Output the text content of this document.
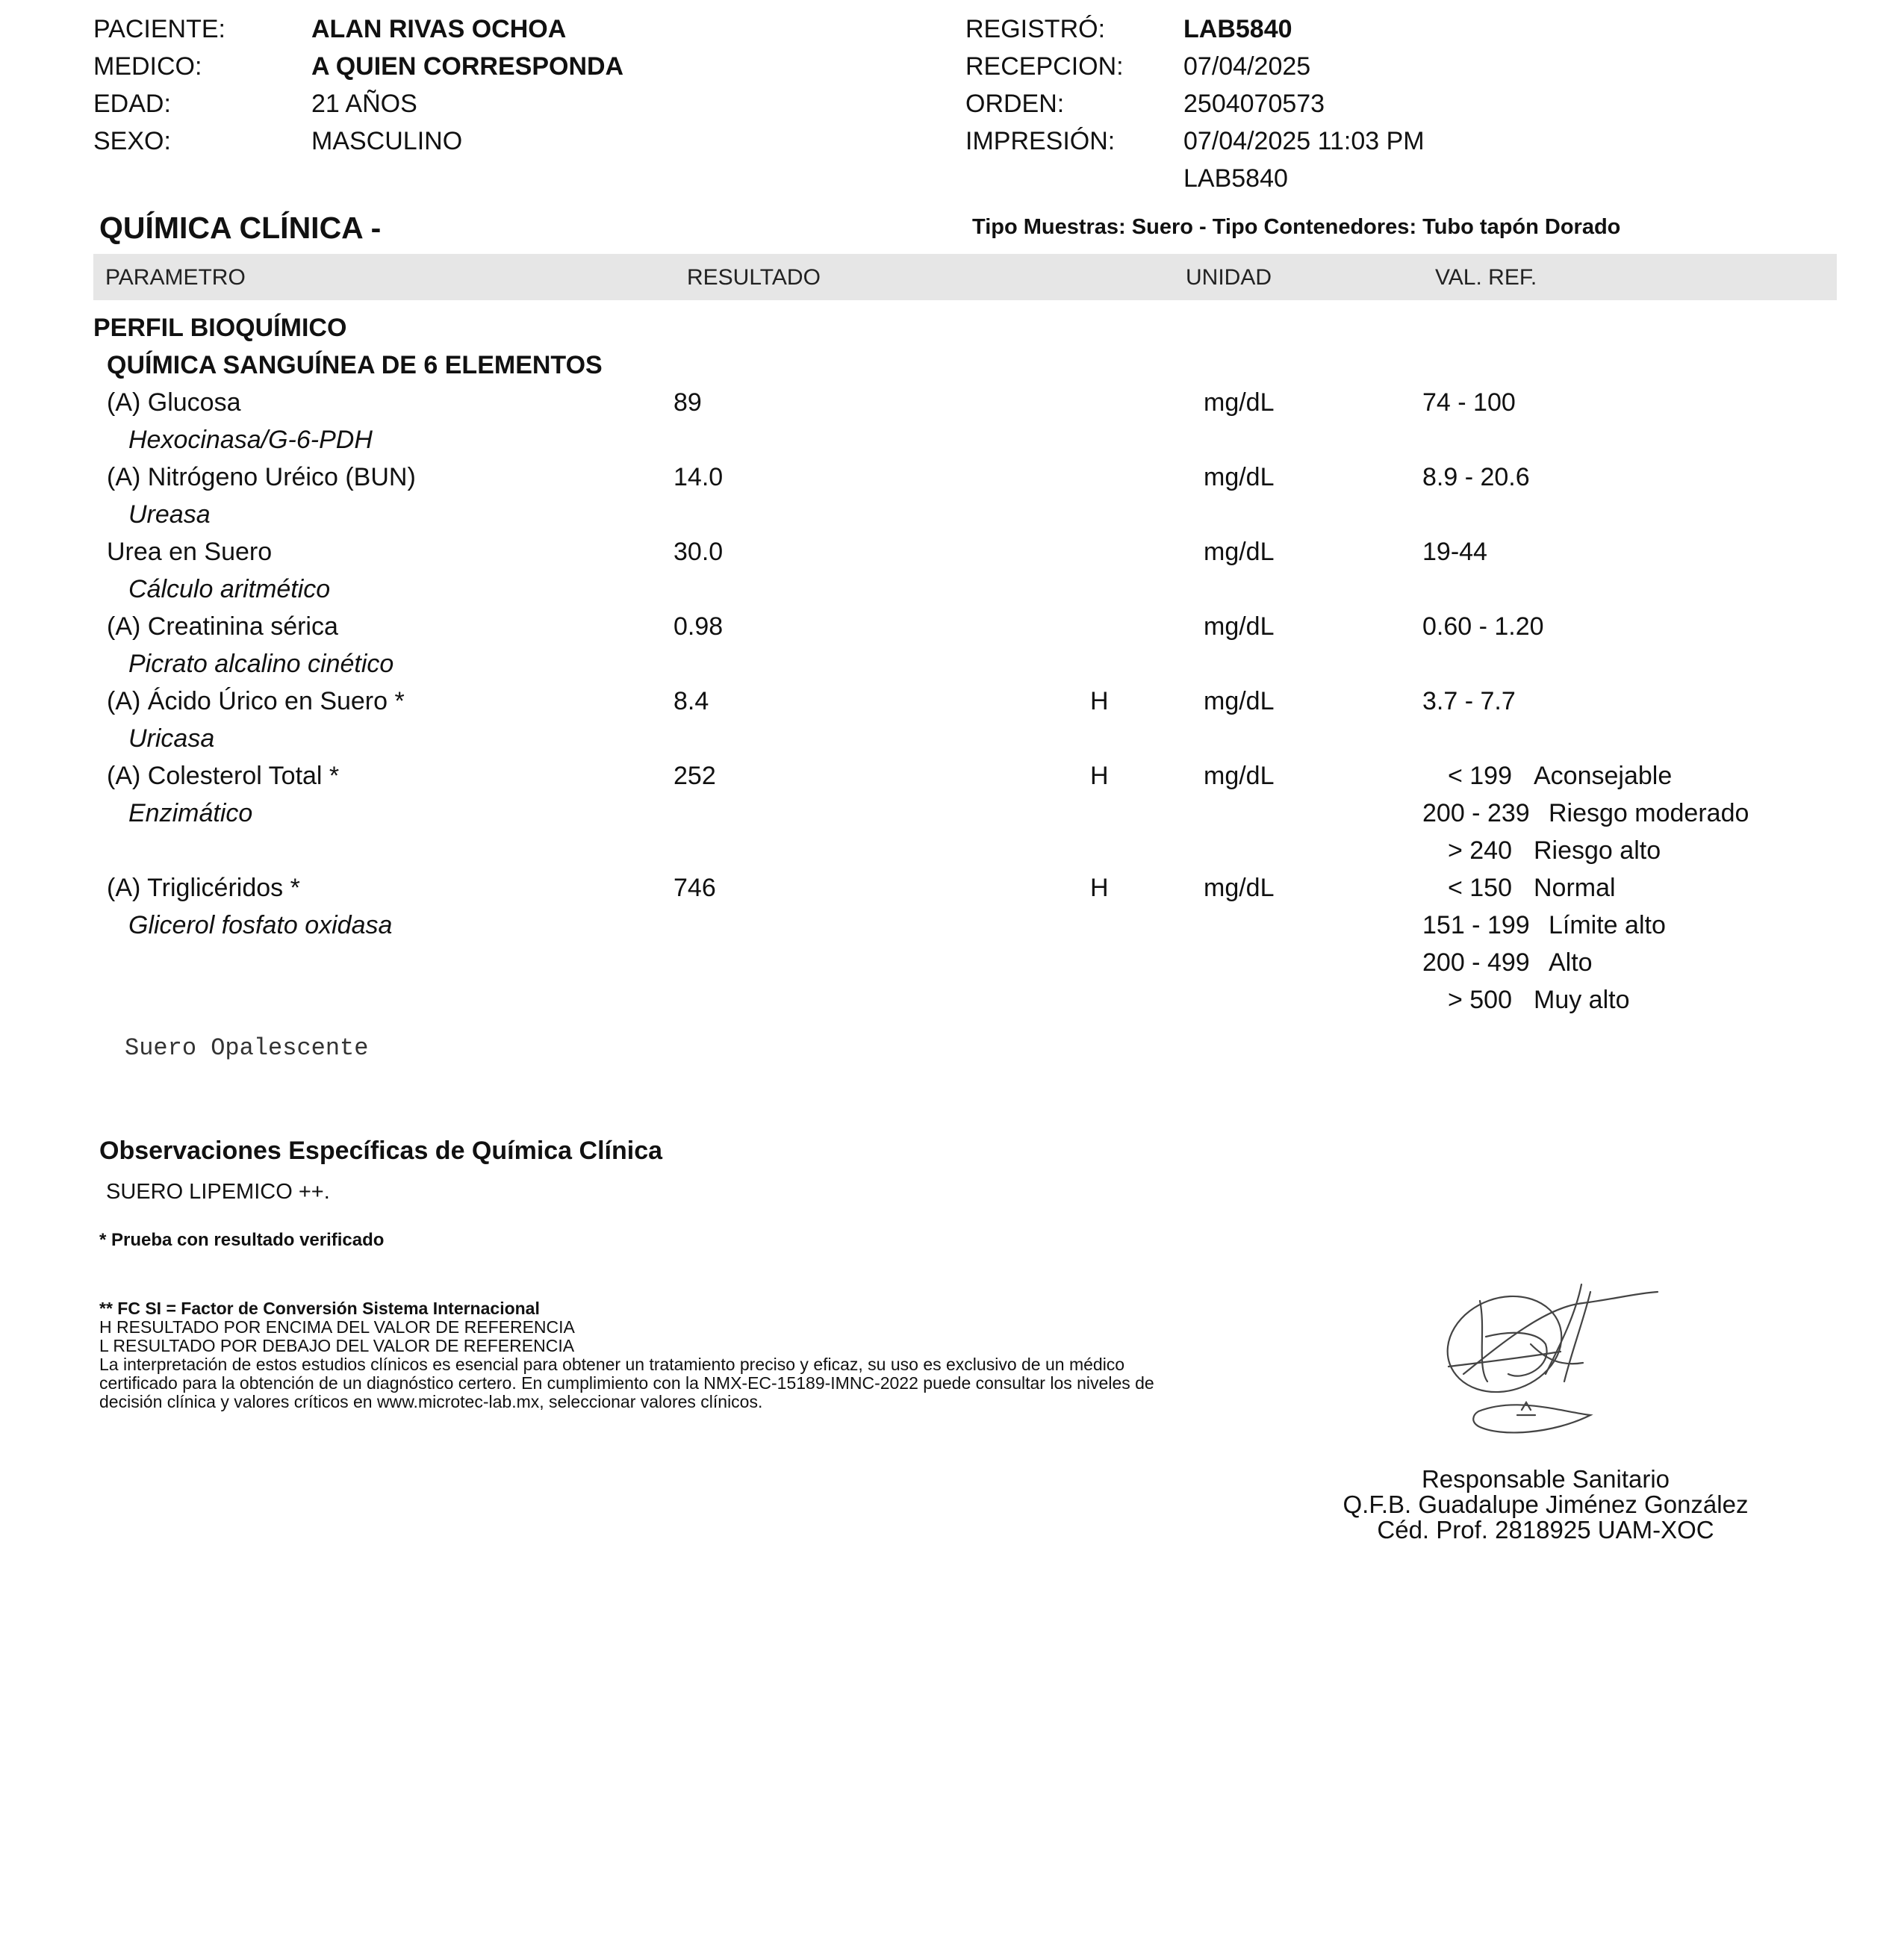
PACIENTE:	ALAN RIVAS OCHOA
MEDICO:	A QUIEN CORRESPONDA
EDAD:	21 AÑOS
SEXO:	MASCULINO
REGISTRÓ:	LAB5840
RECEPCION: 07/04/2025
ORDEN:	2504070573
IMPRESIÓN:	07/04/2025 11:03 PM
LAB5840
QUÍMICA CLÍNICA -	Tipo Muestras: Suero - Tipo Contenedores: Tubo tapón Dorado
PARAMETRO	RESULTADO	UNIDAD	VAL. REF.
PERFIL BIOQUÍMICO
QUÍMICA SANGUÍNEA DE 6 ELEMENTOS
(A) Glucosa	89	mg/dL	74 - 100
Hexocinasa/G-6-PDH
(A) Nitrógeno Uréico (BUN)	14.0	mg/dL	8.9 - 20.6
Ureasa
Urea en Suero	30.0	mg/dL	19-44
Cálculo aritmético
(A) Creatinina sérica	0.98	mg/dL	0.60 - 1.20
Picrato alcalino cinético
(A) Ácido Úrico en Suero *	8.4	H	mg/dL	3.7 - 7.7
Uricasa
(A) Colesterol Total *	252	H	mg/dL
Enzimático
< 199 Aconsejable
200 - 239 Riesgo moderado
> 240 Riesgo alto
(A) Triglicéridos *	746	H	mg/dL
Glicerol fosfato oxidasa
< 150 Normal
151 - 199 Límite alto
200 - 499 Alto
> 500 Muy alto
Suero Opalescente
Observaciones Específicas de Química Clínica
SUERO LIPEMICO ++.
* Prueba con resultado verificado
** FC SI = Factor de Conversión Sistema Internacional
H RESULTADO POR ENCIMA DEL VALOR DE REFERENCIA
L RESULTADO POR DEBAJO DEL VALOR DE REFERENCIA
La interpretación de estos estudios clínicos es esencial para obtener un tratamiento preciso y eficaz, su uso es exclusivo de un médico
certificado para la obtención de un diagnóstico certero. En cumplimiento con la NMX-EC-15189-IMNC-2022 puede consultar los niveles de
decisión clínica y valores críticos en www.microtec-lab.mx, seleccionar valores clínicos.
Responsable Sanitario
Q.F.B. Guadalupe Jiménez González
Céd. Prof. 2818925 UAM-XOC
